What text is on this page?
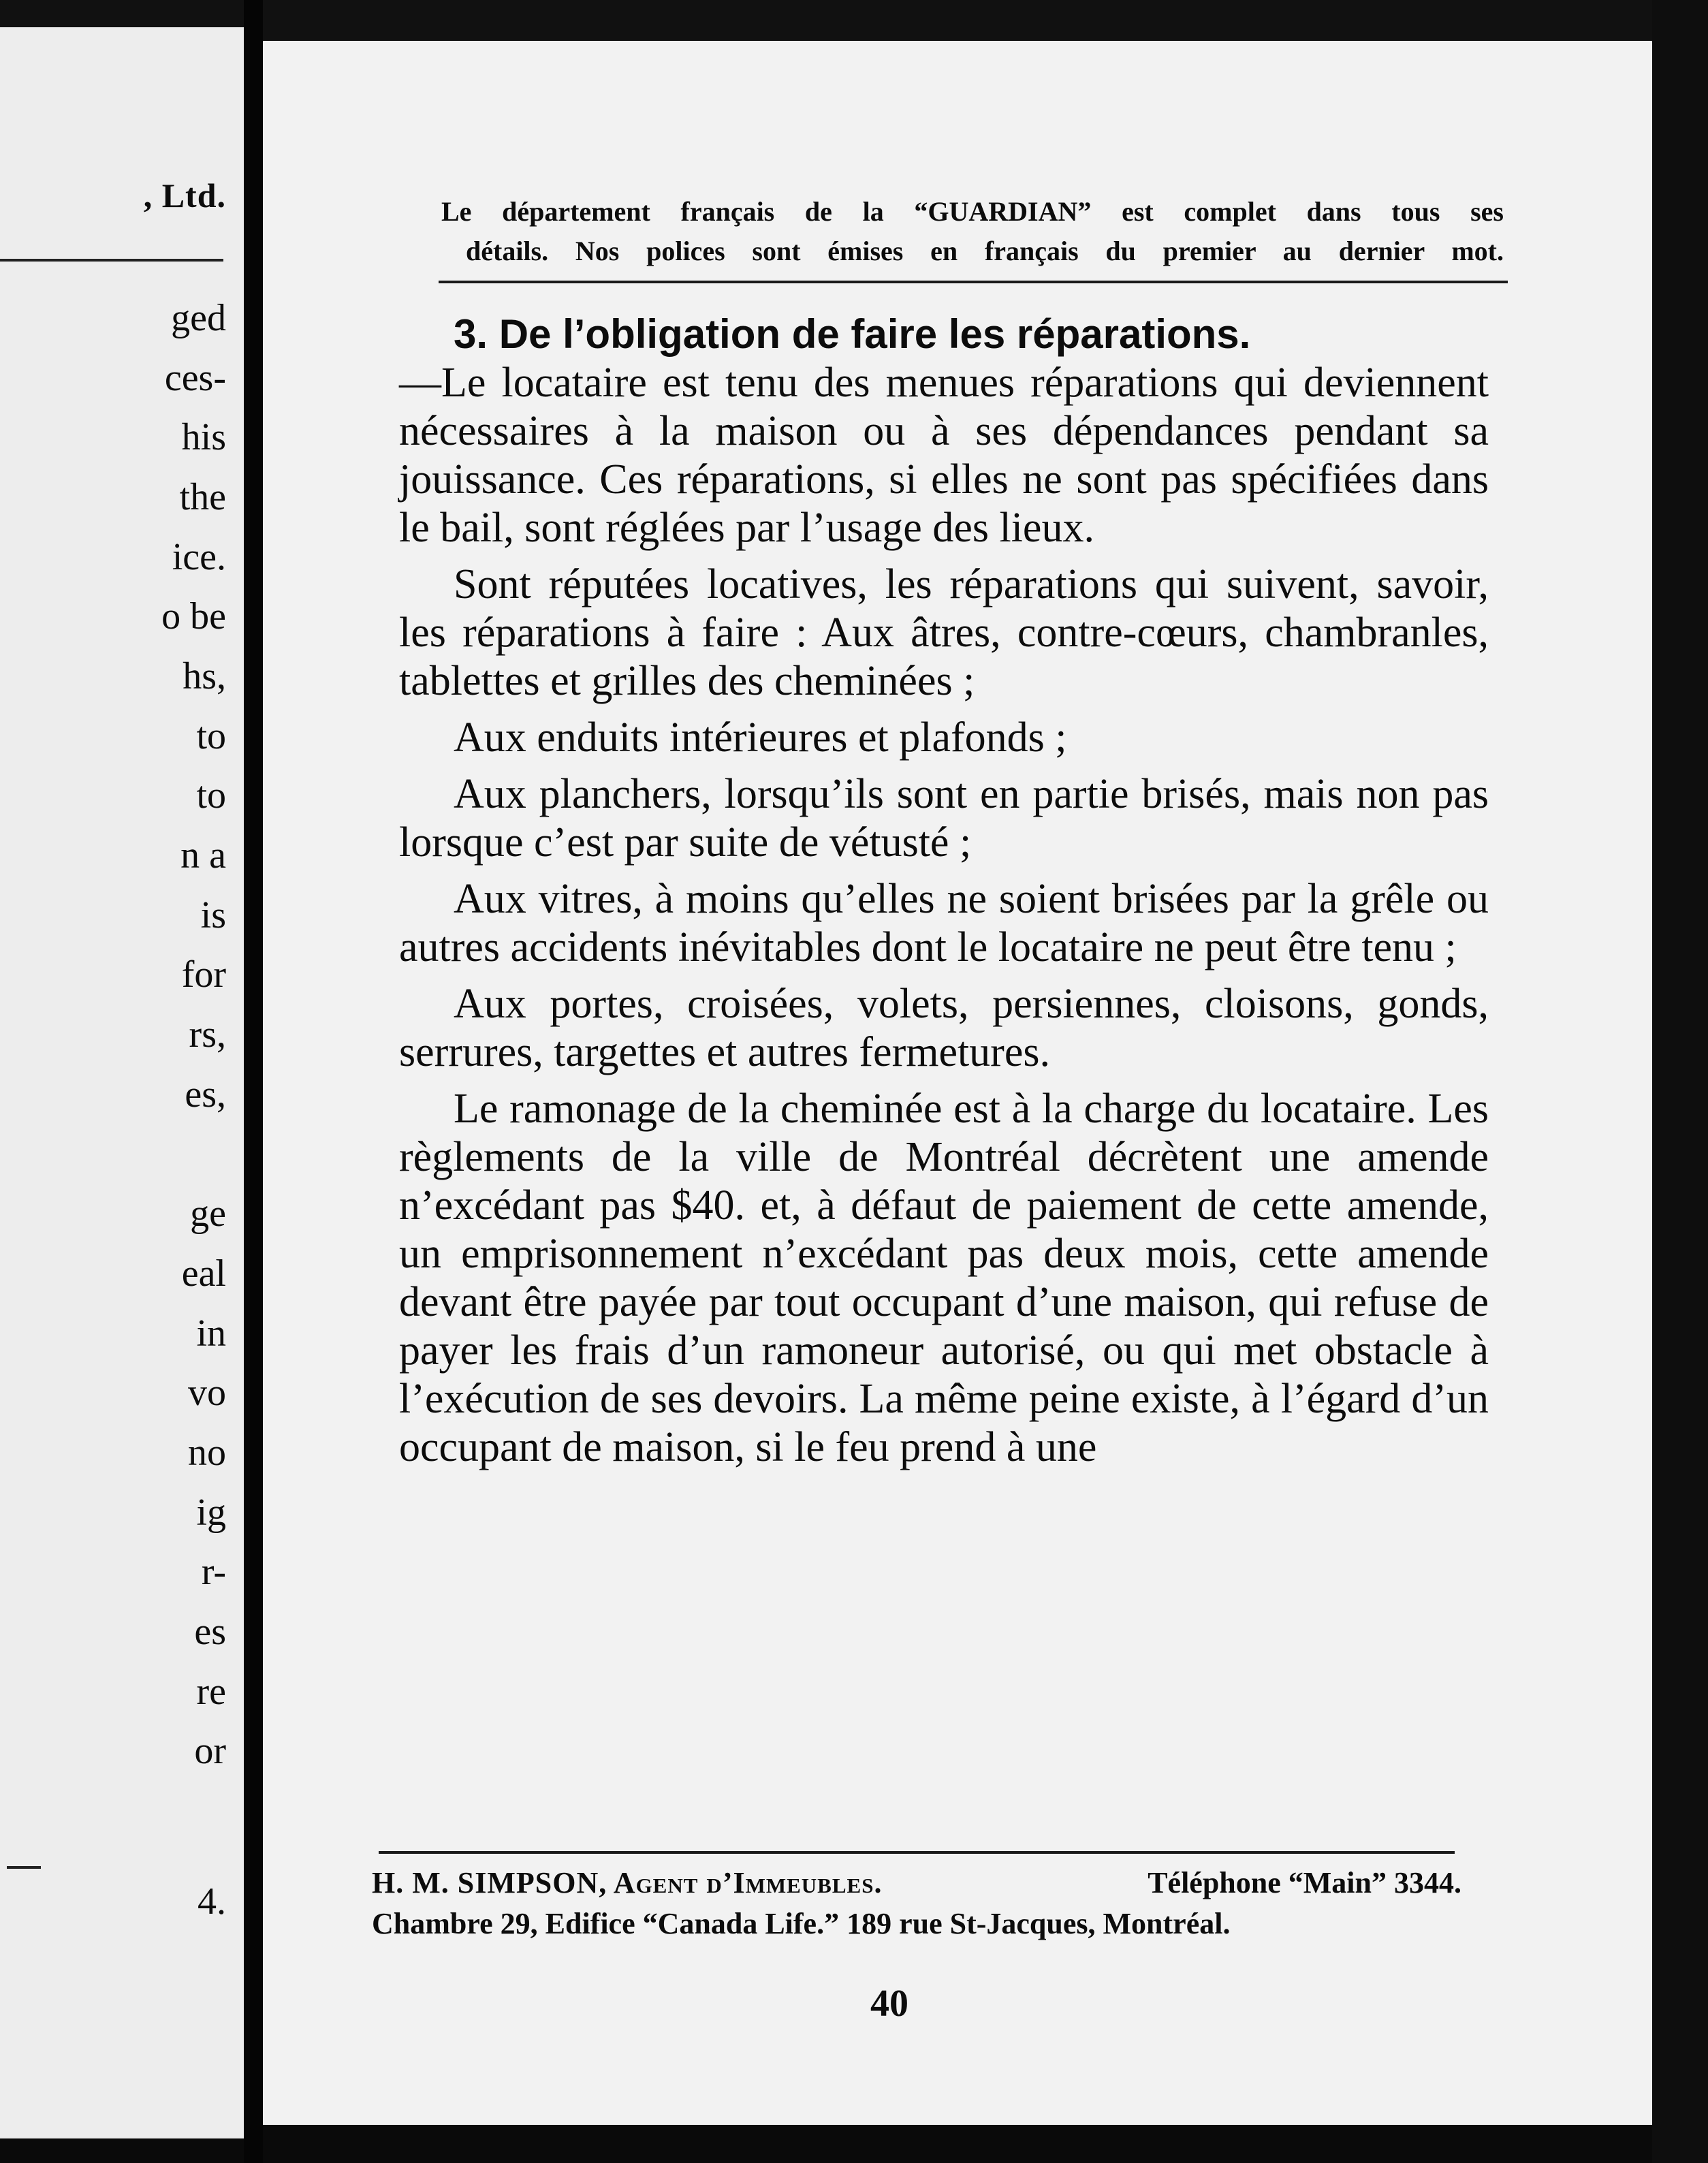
, Ltd.
ged
ces-
his
the
ice.
o be
hs,
to
to
n a
is
for
rs,
es,
ge
eal
in
vo
no
ig
r-
es
re
or
4.
Le département français de la “GUARDIAN” est complet dans tous ses
détails. Nos polices sont émises en français du premier au dernier mot.

3. De l’obligation de faire les réparations.

—Le locataire est tenu des menues réparations qui deviennent nécessaires à la maison ou à ses dépendances pendant sa jouissance. Ces réparations, si elles ne sont pas spécifiées dans le bail, sont réglées par l’usage des lieux.

Sont réputées locatives, les réparations qui suivent, savoir, les réparations à faire : Aux âtres, contre-cœurs, chambranles, tablettes et grilles des cheminées ;

Aux enduits intérieures et plafonds ;

Aux planchers, lorsqu’ils sont en partie brisés, mais non pas lorsque c’est par suite de vétusté ;

Aux vitres, à moins qu’elles ne soient brisées par la grêle ou autres accidents inévitables dont le locataire ne peut être tenu ;

Aux portes, croisées, volets, persiennes, cloisons, gonds, serrures, targettes et autres fermetures.

Le ramonage de la cheminée est à la charge du locataire. Les règlements de la ville de Montréal décrètent une amende n’excédant pas $40. et, à défaut de paiement de cette amende, un emprisonnement n’excédant pas deux mois, cette amende devant être payée par tout occupant d’une maison, qui refuse de payer les frais d’un ramoneur autorisé, ou qui met obstacle à l’exécution de ses devoirs. La même peine existe, à l’égard d’un occupant de maison, si le feu prend à une

H. M. SIMPSON, Agent d’Immeubles.	Téléphone “Main” 3344.
Chambre 29, Edifice “Canada Life.” 189 rue St-Jacques, Montréal.
40
